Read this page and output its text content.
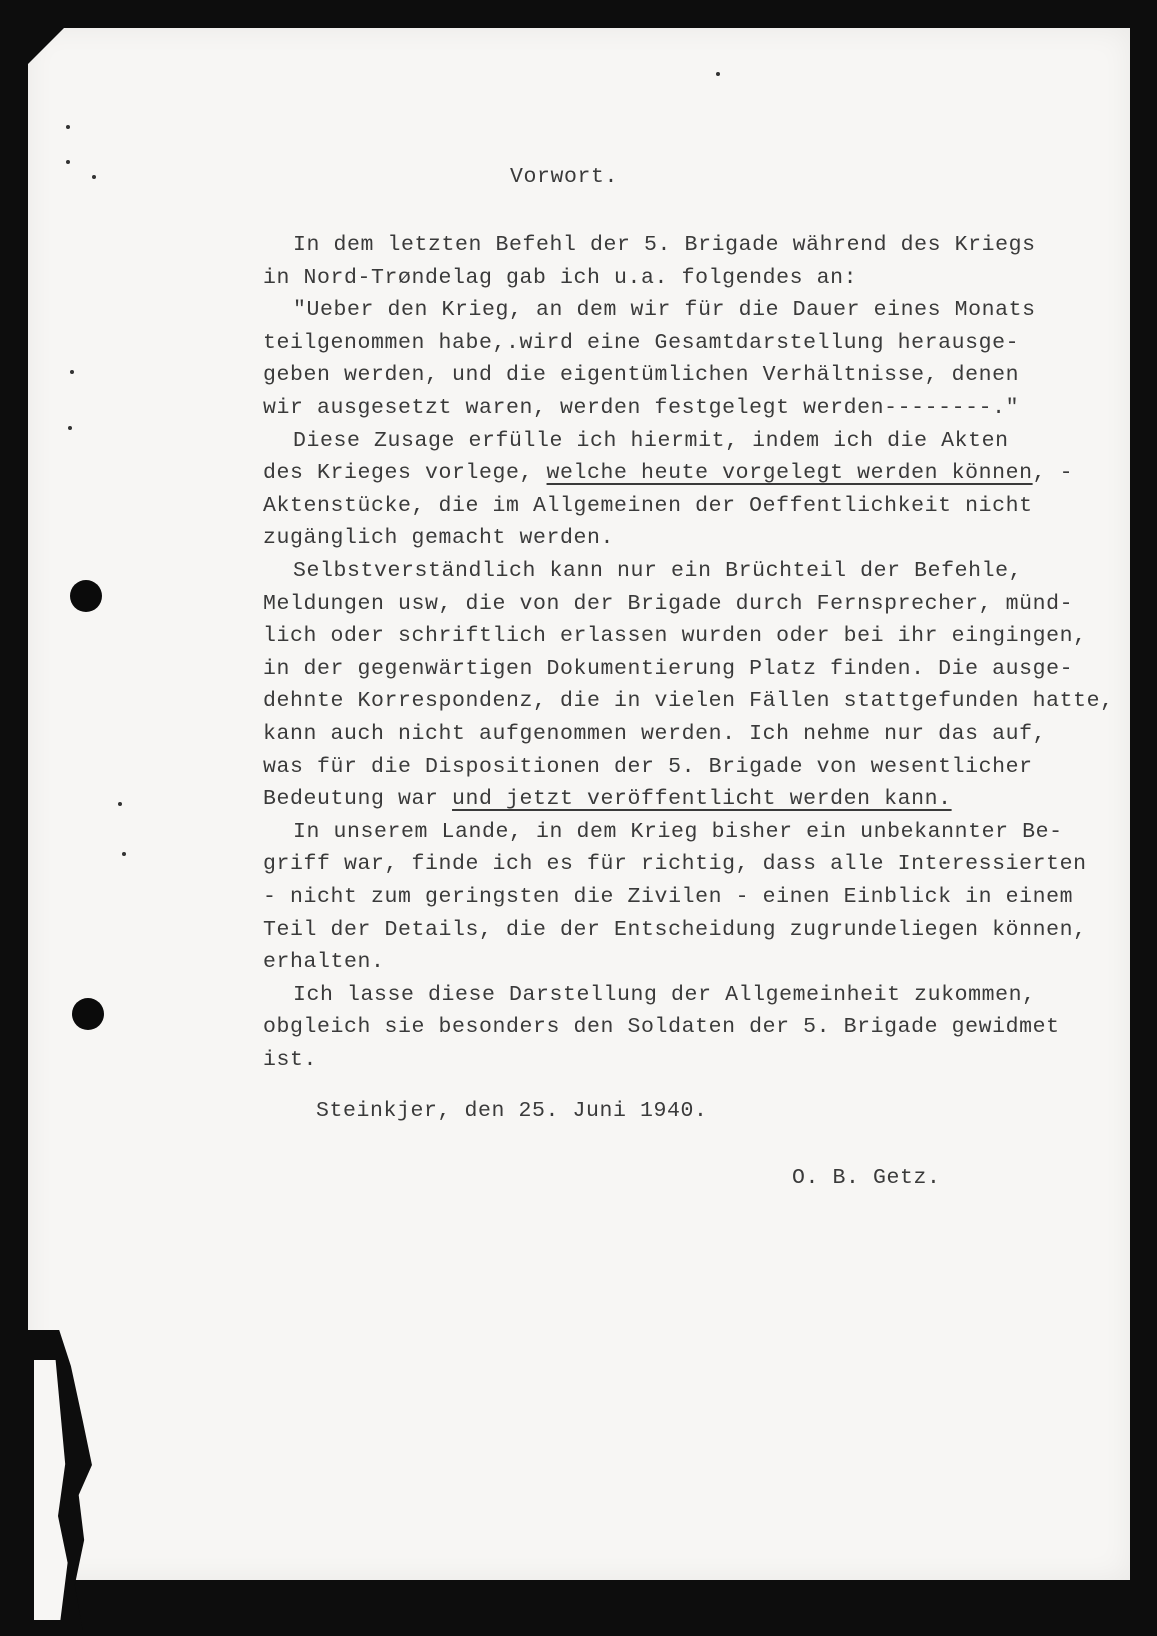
Vorwort.
In dem letzten Befehl der 5. Brigade während des Kriegs
in Nord-Trøndelag gab ich u.a. folgendes an:
"Ueber den Krieg, an dem wir für die Dauer eines Monats
teilgenommen habe,.wird eine Gesamtdarstellung herausge-
geben werden, und die eigentümlichen Verhältnisse, denen
wir ausgesetzt waren, werden festgelegt werden--------."
Diese Zusage erfülle ich hiermit, indem ich die Akten
des Krieges vorlege, welche heute vorgelegt werden können, -
Aktenstücke, die im Allgemeinen der Oeffentlichkeit nicht
zugänglich gemacht werden.
Selbstverständlich kann nur ein Brüchteil der Befehle,
Meldungen usw, die von der Brigade durch Fernsprecher, münd-
lich oder schriftlich erlassen wurden oder bei ihr eingingen,
in der gegenwärtigen Dokumentierung Platz finden. Die ausge-
dehnte Korrespondenz, die in vielen Fällen stattgefunden hatte,
kann auch nicht aufgenommen werden. Ich nehme nur das auf,
was für die Dispositionen der 5. Brigade von wesentlicher
Bedeutung war und jetzt veröffentlicht werden kann.
In unserem Lande, in dem Krieg bisher ein unbekannter Be-
griff war, finde ich es für richtig, dass alle Interessierten
- nicht zum geringsten die Zivilen - einen Einblick in einem
Teil der Details, die der Entscheidung zugrundeliegen können,
erhalten.
Ich lasse diese Darstellung der Allgemeinheit zukommen,
obgleich sie besonders den Soldaten der 5. Brigade gewidmet
ist.
Steinkjer, den 25. Juni 1940.
O. B. Getz.
